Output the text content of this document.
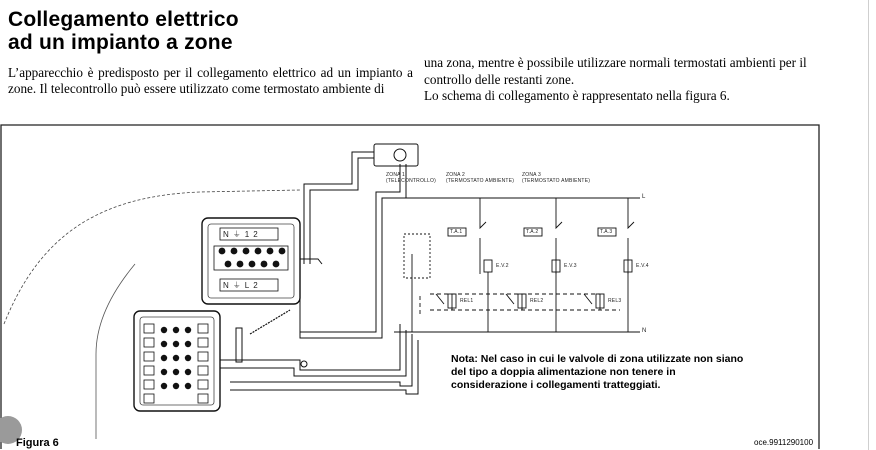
Collegamento elettrico
ad un impianto a zone

L’apparecchio è predisposto per il collegamento elettrico ad un impianto a zone. Il telecontrollo può essere utilizzato come termostato ambiente di

una zona, mentre è possibile utilizzare normali termostati ambienti per il controllo delle restanti zone.

Lo schema di collegamento è rappresentato nella figura 6.

ZONA 1
(TELECONTROLLO)
ZONA 2
(TERMOSTATO AMBIENTE)
ZONA 3
(TERMOSTATO AMBIENTE)
T.A.1	T.A.2	T.A.3
E.V.2	E.V.3	E.V.4
REL1	REL2	REL3
L
N
N⏚12
N⏚L2
Nota: Nel caso in cui le valvole di zona utilizzate non siano del tipo a doppia alimentazione non tenere in considerazione i collegamenti tratteggiati.
Figura 6	oce.9911290100
